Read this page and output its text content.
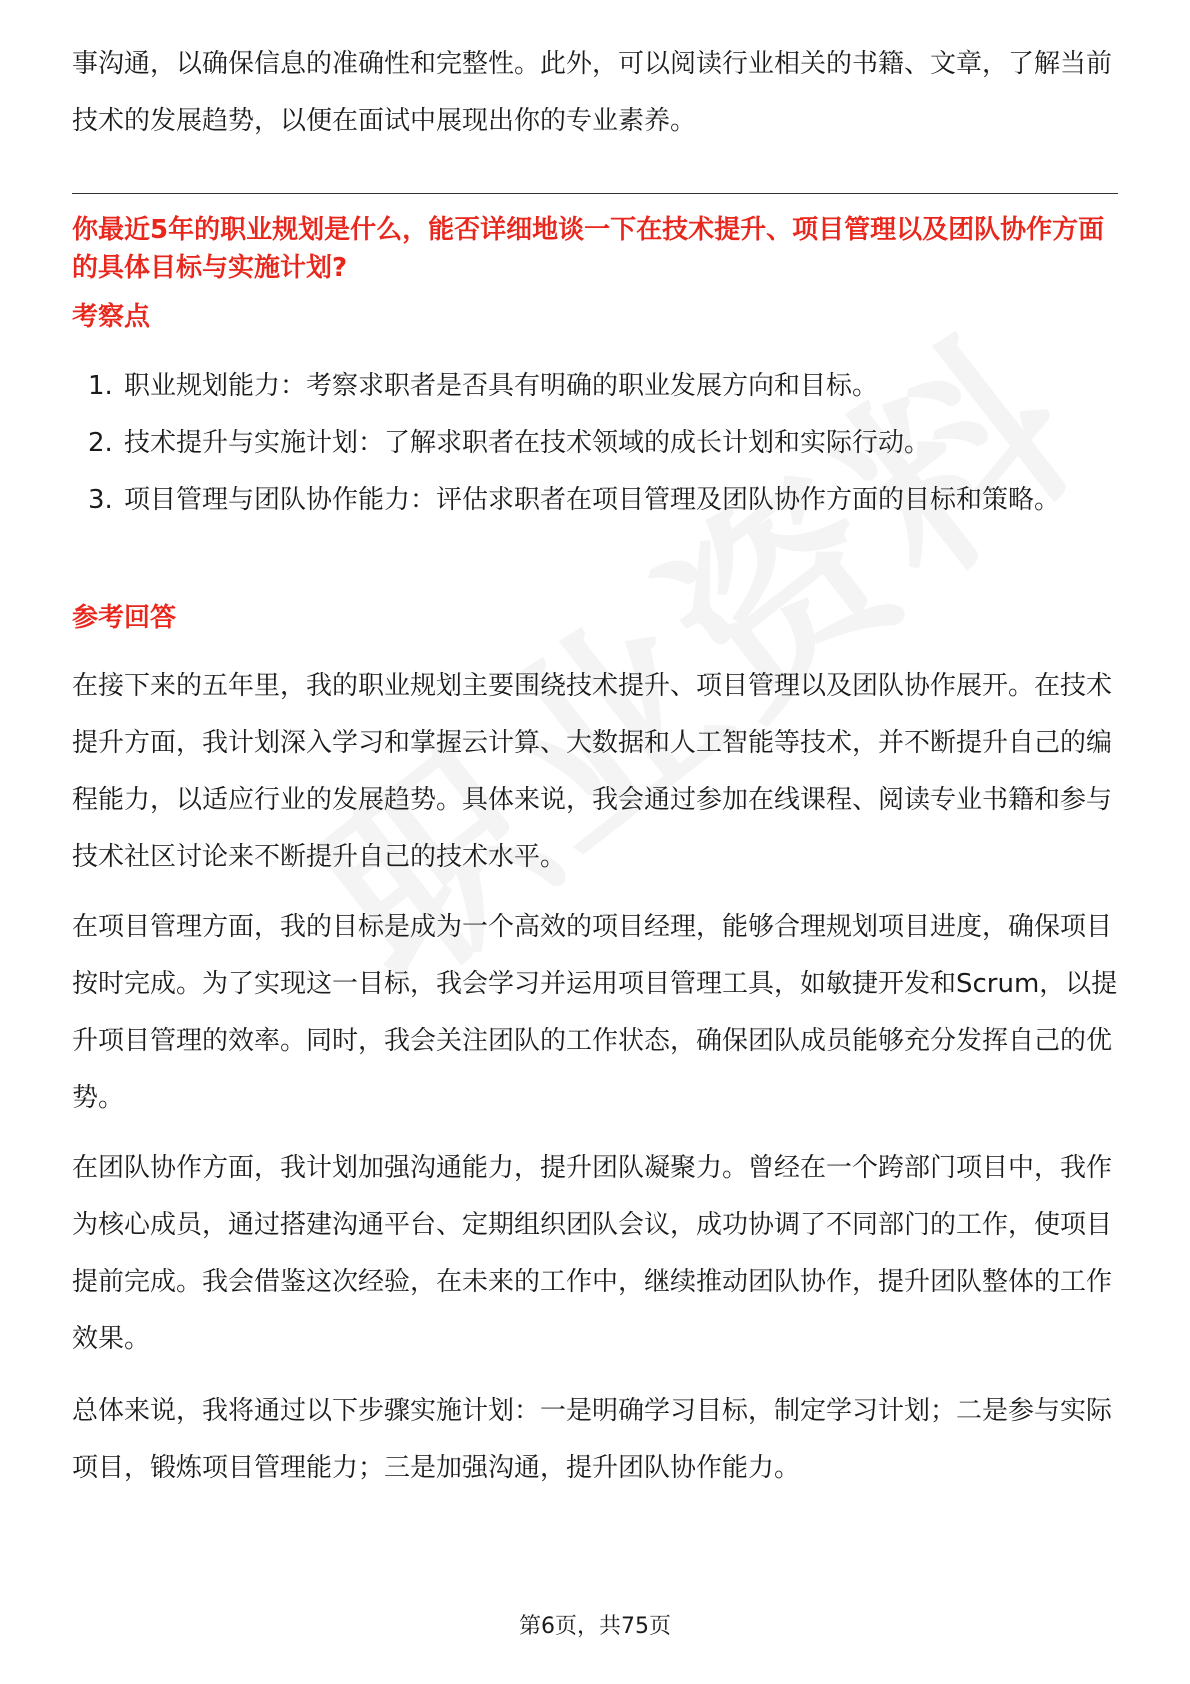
事沟通，以确保信息的准确性和完整性。此外，可以阅读行业相关的书籍、文章，了解当前技术的发展趋势，以便在面试中展现出你的专业素养。

你最近5年的职业规划是什么，能否详细地谈一下在技术提升、项目管理以及团队协作方面的具体目标与实施计划?

考察点

1. 职业规划能力：考察求职者是否具有明确的职业发展方向和目标。
2. 技术提升与实施计划：了解求职者在技术领域的成长计划和实际行动。
3. 项目管理与团队协作能力：评估求职者在项目管理及团队协作方面的目标和策略。

参考回答

在接下来的五年里，我的职业规划主要围绕技术提升、项目管理以及团队协作展开。在技术提升方面，我计划深入学习和掌握云计算、大数据和人工智能等技术，并不断提升自己的编程能力，以适应行业的发展趋势。具体来说，我会通过参加在线课程、阅读专业书籍和参与技术社区讨论来不断提升自己的技术水平。

在项目管理方面，我的目标是成为一个高效的项目经理，能够合理规划项目进度，确保项目按时完成。为了实现这一目标，我会学习并运用项目管理工具，如敏捷开发和Scrum，以提升项目管理的效率。同时，我会关注团队的工作状态，确保团队成员能够充分发挥自己的优势。

在团队协作方面，我计划加强沟通能力，提升团队凝聚力。曾经在一个跨部门项目中，我作为核心成员，通过搭建沟通平台、定期组织团队会议，成功协调了不同部门的工作，使项目提前完成。我会借鉴这次经验，在未来的工作中，继续推动团队协作，提升团队整体的工作效果。

总体来说，我将通过以下步骤实施计划：一是明确学习目标，制定学习计划；二是参与实际项目，锻炼项目管理能力；三是加强沟通，提升团队协作能力。

第6页，共75页
